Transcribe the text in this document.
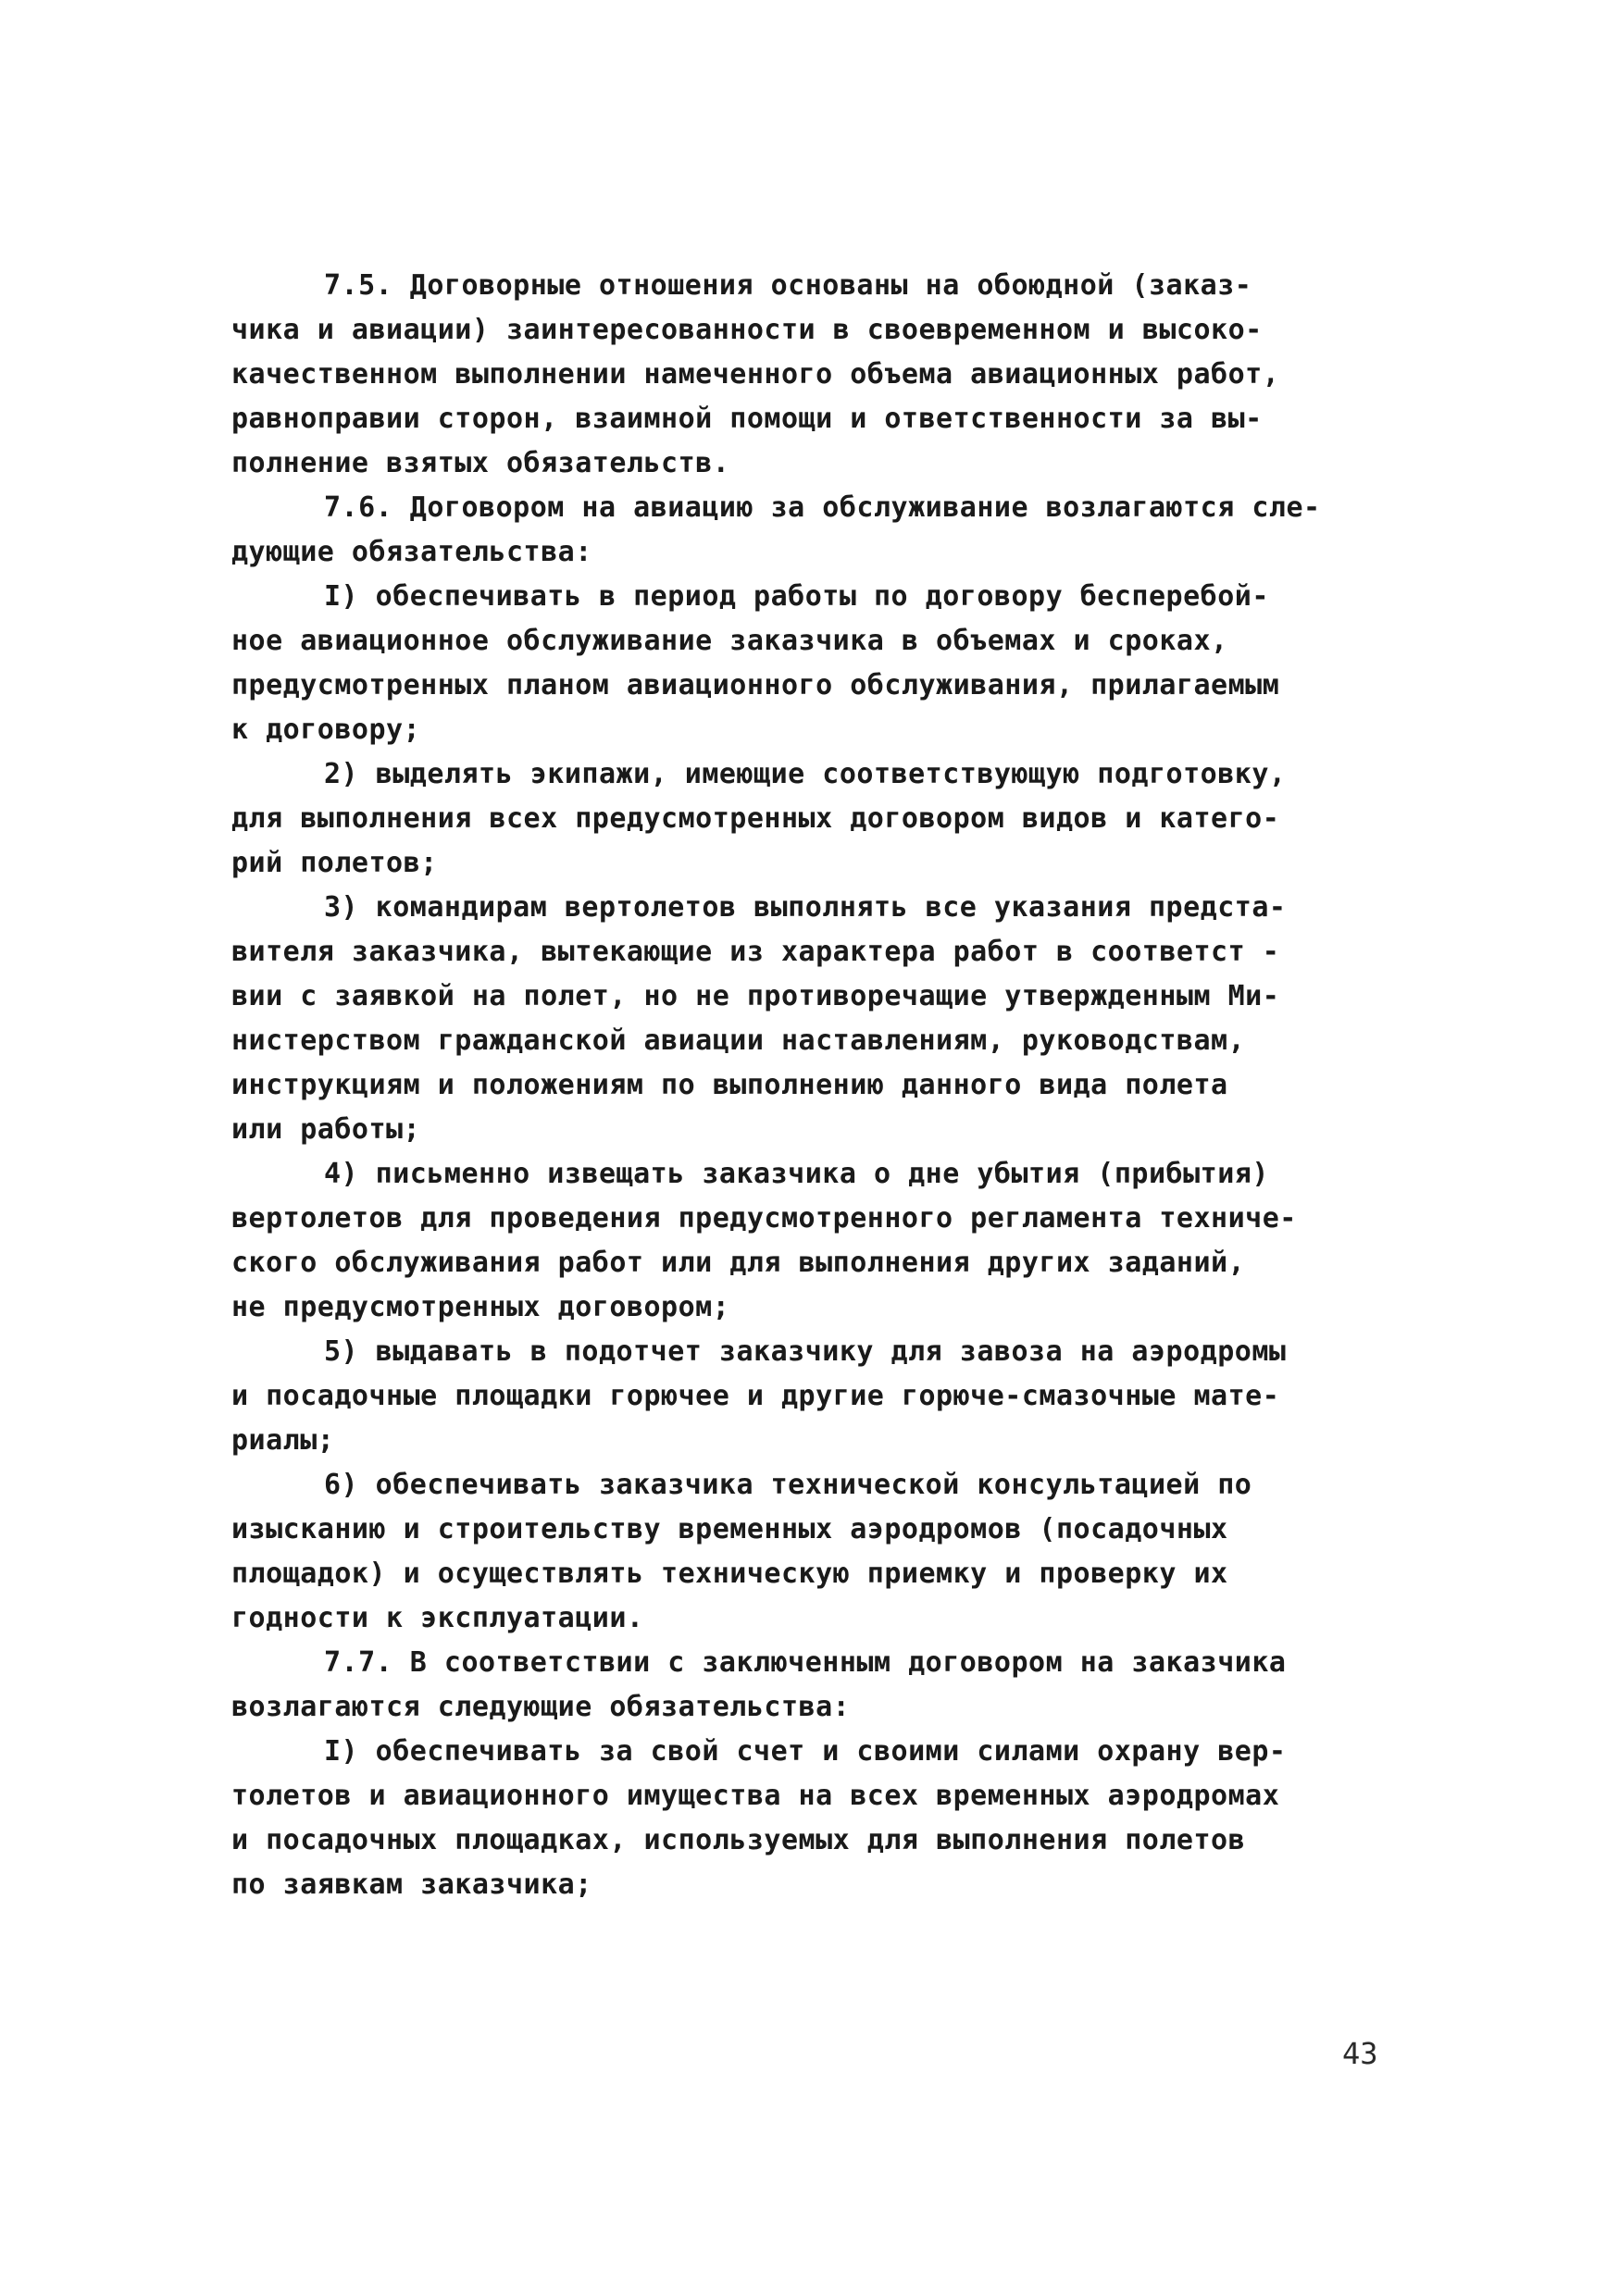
7.5. Договорные отношения основаны на обоюдной (заказ-
чика и авиации) заинтересованности в своевременном и высоко-
качественном выполнении намеченного объема авиационных работ,
равноправии сторон, взаимной помощи и ответственности за вы-
полнение взятых обязательств.
7.6. Договором на авиацию за обслуживание возлагаются сле-
дующие обязательства:
I) обеспечивать в период работы по договору бесперебой-
ное авиационное обслуживание заказчика в объемах и сроках,
предусмотренных планом авиационного обслуживания, прилагаемым
к договору;
2) выделять экипажи, имеющие соответствующую подготовку,
для выполнения всех предусмотренных договором видов и катего-
рий полетов;
3) командирам вертолетов выполнять все указания предста-
вителя заказчика, вытекающие из характера работ в соответст -
вии с заявкой на полет, но не противоречащие утвержденным Ми-
нистерством гражданской авиации наставлениям, руководствам,
инструкциям и положениям по выполнению данного вида полета
или работы;
4) письменно извещать заказчика о дне убытия (прибытия)
вертолетов для проведения предусмотренного регламента техниче-
ского обслуживания работ или для выполнения других заданий,
не предусмотренных договором;
5) выдавать в подотчет заказчику для завоза на аэродромы
и посадочные площадки горючее и другие горюче-смазочные мате-
риалы;
6) обеспечивать заказчика технической консультацией по
изысканию и строительству временных аэродромов (посадочных
площадок) и осуществлять техническую приемку и проверку их
годности к эксплуатации.
7.7. В соответствии с заключенным договором на заказчика
возлагаются следующие обязательства:
I) обеспечивать за свой счет и своими силами охрану вер-
толетов и авиационного имущества на всех временных аэродромах
и посадочных площадках, используемых для выполнения полетов
по заявкам заказчика;
43
